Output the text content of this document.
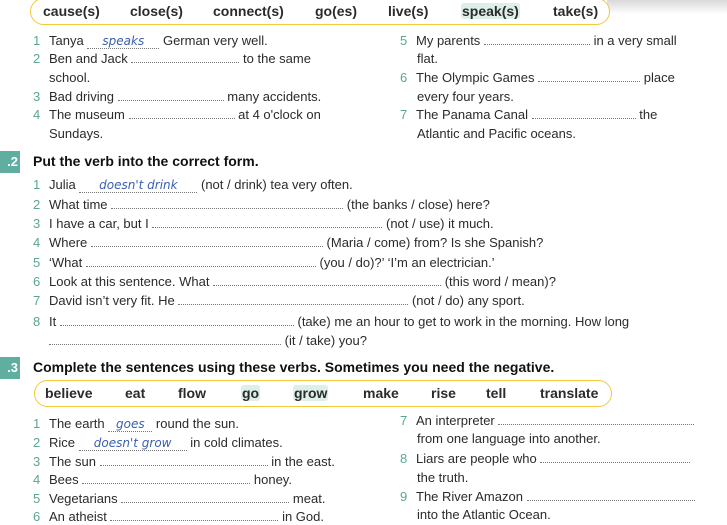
cause(s) close(s) connect(s) go(es) live(s) speak(s) take(s)
1 Tanya speaks German very well.
2 Ben and Jack	to the same
school.
3 Bad driving	many accidents.
4 The museum	at 4 o'clock on
Sundays.
5 My parents	in a very small
flat.
6 The Olympic Games	place
every four years.
7 The Panama Canal	the
Atlantic and Pacific oceans.
.2 Put the verb into the correct form.
1 Julia doesn't drink (not / drink) tea very often.
2 What time	(the banks / close) here?
3 I have a car, but I	(not / use) it much.
4 Where	(Maria / come) from? Is she Spanish?
5 ‘What	(you / do)?’ ‘I’m an electrician.’
6 Look at this sentence. What	(this word / mean)?
7 David isn’t very fit. He	(not / do) any sport.
8 It	(take) me an hour to get to work in the morning. How long
(it / take) you?
.3 Complete the sentences using these verbs. Sometimes you need the negative.
believe eat flow	go grow	make rise tell translate
1 The earth goes round the sun.
2 Rice doesn't grow in cold climates.
3 The sun	in the east.
4 Bees	honey.
5 Vegetarians	meat.
6 An atheist	in God.
7 An interpreter
from one language into another.
8 Liars are people who
the truth.
9 The River Amazon
into the Atlantic Ocean.
